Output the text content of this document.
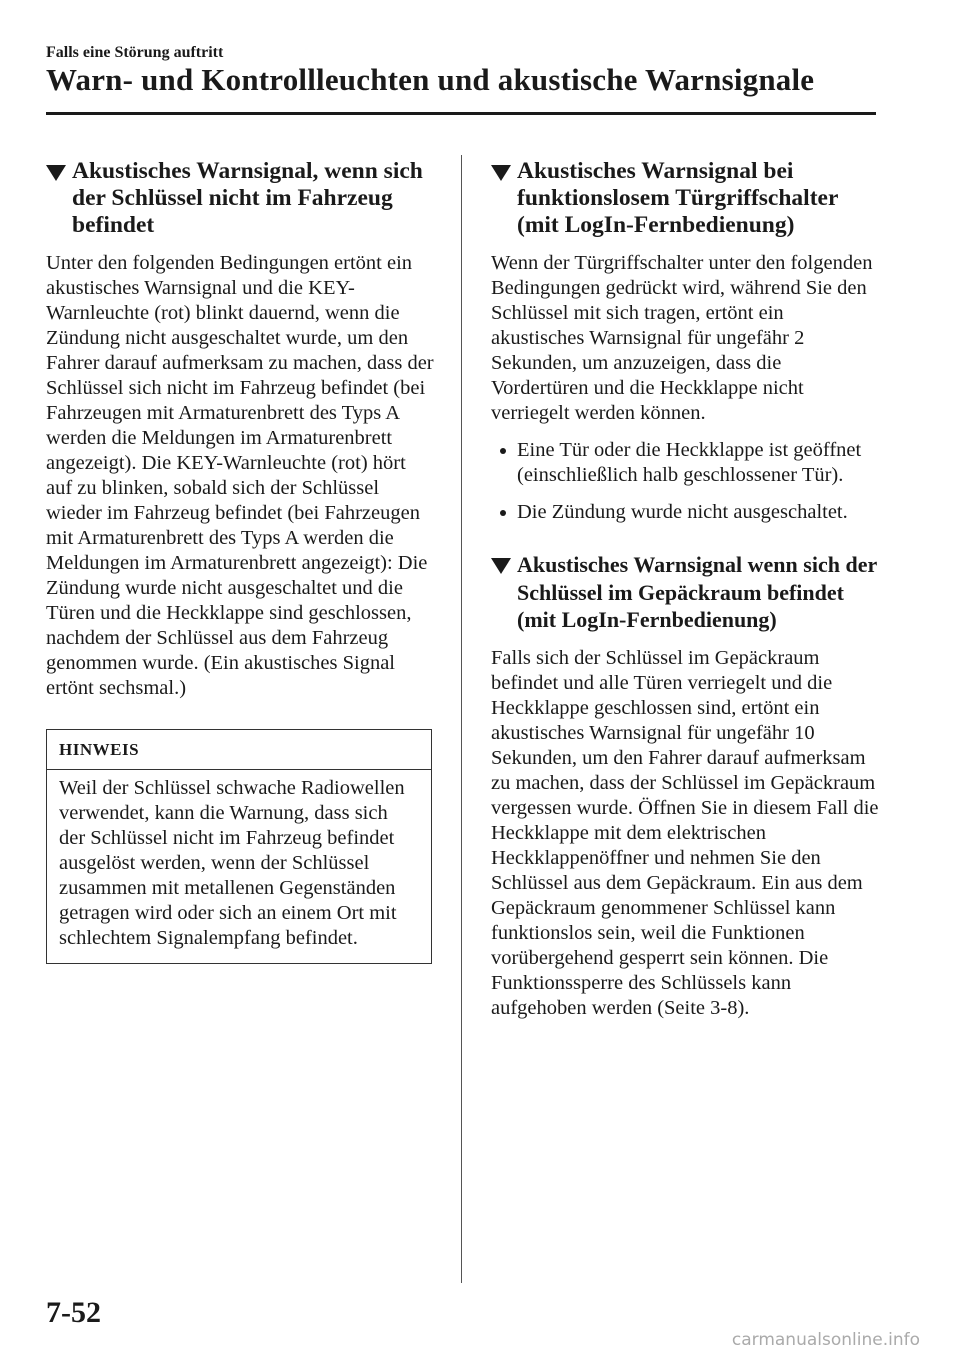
Falls eine Störung auftritt
Warn- und Kontrollleuchten und akustische Warnsignale
Akustisches Warnsignal, wenn sich der Schlüssel nicht im Fahrzeug befindet

Unter den folgenden Bedingungen ertönt ein akustisches Warnsignal und die KEY-Warnleuchte (rot) blinkt dauernd, wenn die Zündung nicht ausgeschaltet wurde, um den Fahrer darauf aufmerksam zu machen, dass der Schlüssel sich nicht im Fahrzeug befindet (bei Fahrzeugen mit Armaturenbrett des Typs A werden die Meldungen im Armaturenbrett angezeigt). Die KEY-Warnleuchte (rot) hört auf zu blinken, sobald sich der Schlüssel wieder im Fahrzeug befindet (bei Fahrzeugen mit Armaturenbrett des Typs A werden die Meldungen im Armaturenbrett angezeigt): Die Zündung wurde nicht ausgeschaltet und die Türen und die Heckklappe sind geschlossen, nachdem der Schlüssel aus dem Fahrzeug genommen wurde. (Ein akustisches Signal ertönt sechsmal.)

HINWEIS

Weil der Schlüssel schwache Radiowellen verwendet, kann die Warnung, dass sich der Schlüssel nicht im Fahrzeug befindet ausgelöst werden, wenn der Schlüssel zusammen mit metallenen Gegenständen getragen wird oder sich an einem Ort mit schlechtem Signalempfang befindet.

Akustisches Warnsignal bei funktionslosem Türgriffschalter (mit LogIn-Fernbedienung)

Wenn der Türgriffschalter unter den folgenden Bedingungen gedrückt wird, während Sie den Schlüssel mit sich tragen, ertönt ein akustisches Warnsignal für ungefähr 2 Sekunden, um anzuzeigen, dass die Vordertüren und die Heckklappe nicht verriegelt werden können.

Eine Tür oder die Heckklappe ist geöffnet (einschließlich halb geschlossener Tür).
Die Zündung wurde nicht ausgeschaltet.
Akustisches Warnsignal wenn sich der Schlüssel im Gepäckraum befindet (mit LogIn-Fernbedienung)

Falls sich der Schlüssel im Gepäckraum befindet und alle Türen verriegelt und die Heckklappe geschlossen sind, ertönt ein akustisches Warnsignal für ungefähr 10 Sekunden, um den Fahrer darauf aufmerksam zu machen, dass der Schlüssel im Gepäckraum vergessen wurde. Öffnen Sie in diesem Fall die Heckklappe mit dem elektrischen Heckklappenöffner und nehmen Sie den Schlüssel aus dem Gepäckraum. Ein aus dem Gepäckraum genommener Schlüssel kann funktionslos sein, weil die Funktionen vorübergehend gesperrt sein können. Die Funktionssperre des Schlüssels kann aufgehoben werden (Seite 3-8).

7-52
carmanualsonline.info
